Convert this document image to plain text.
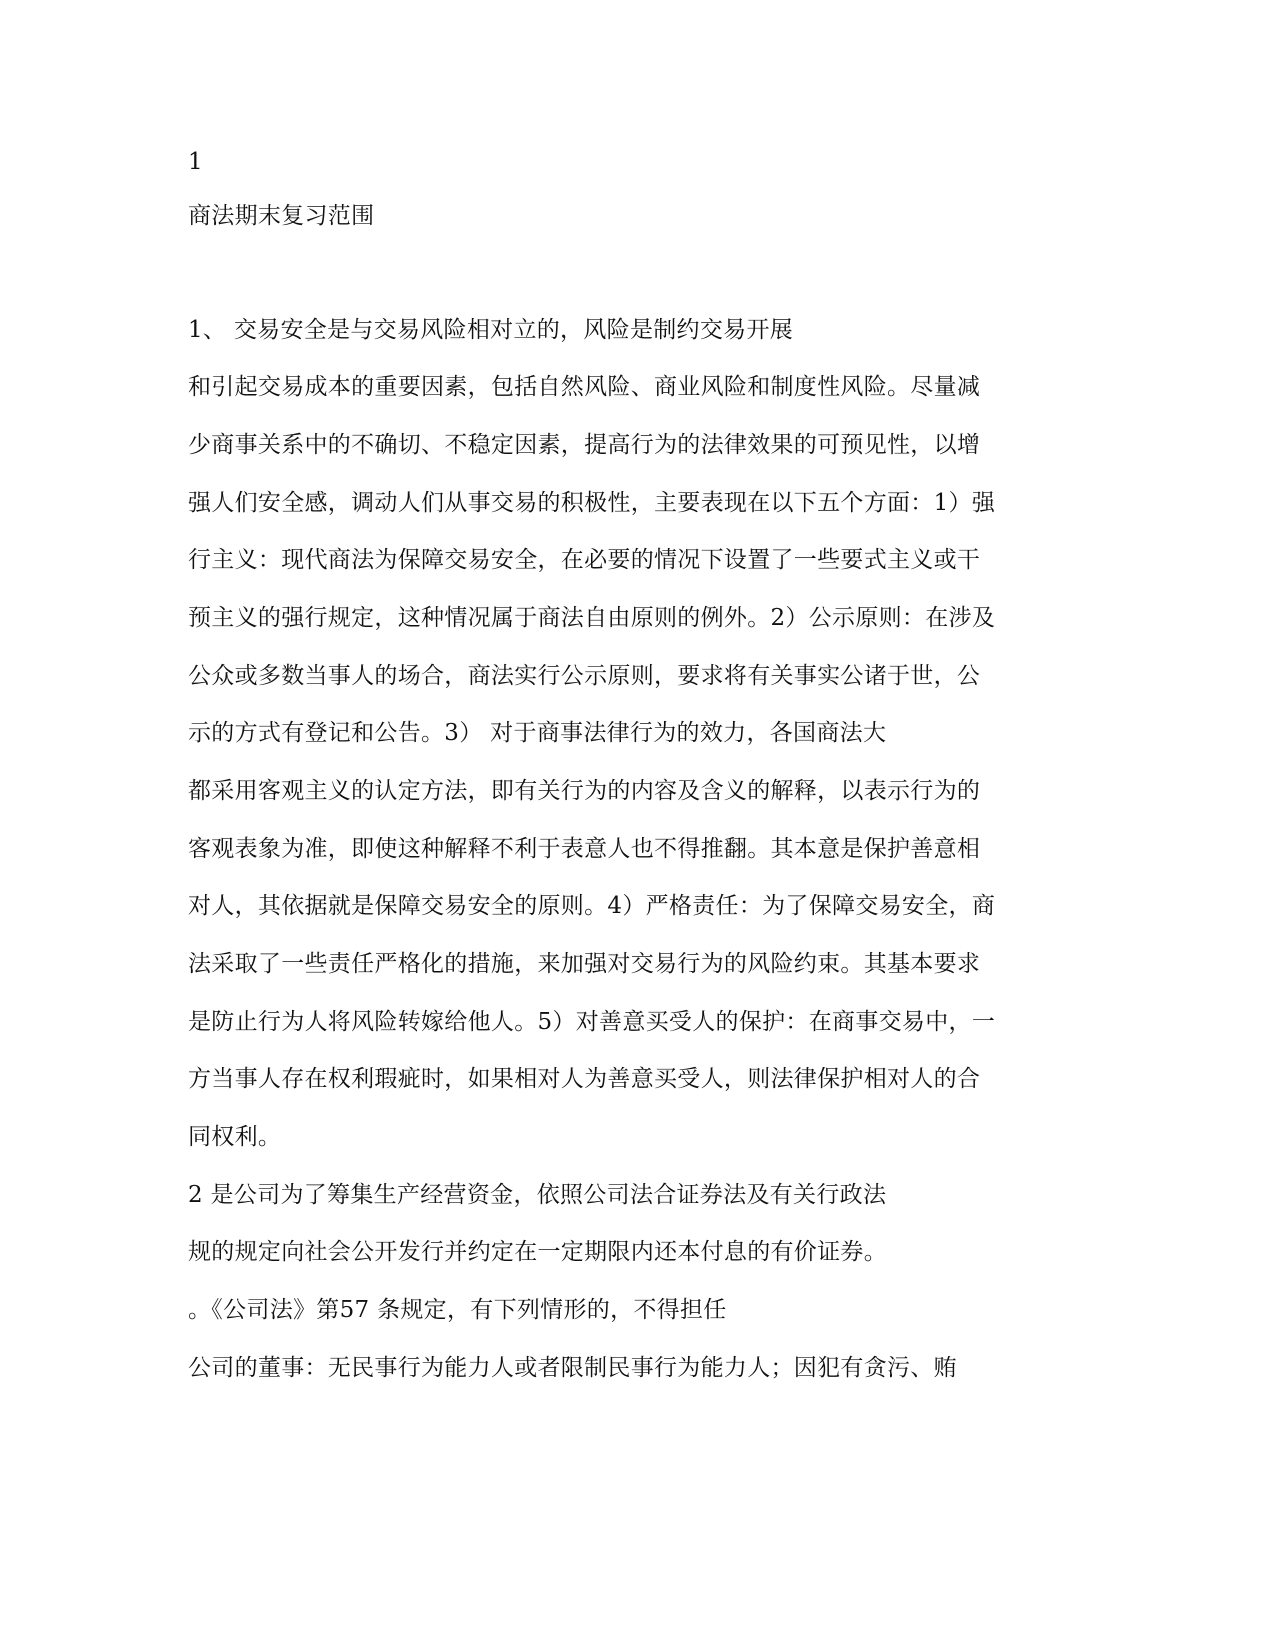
1

商法期末复习范围

1、 交易安全是与交易风险相对立的，风险是制约交易开展

和引起交易成本的重要因素，包括自然风险、商业风险和制度性风险。尽量减

少商事关系中的不确切、不稳定因素，提高行为的法律效果的可预见性，以增

强人们安全感，调动人们从事交易的积极性，主要表现在以下五个方面：1）强

行主义：现代商法为保障交易安全，在必要的情况下设置了一些要式主义或干

预主义的强行规定，这种情况属于商法自由原则的例外。2）公示原则：在涉及

公众或多数当事人的场合，商法实行公示原则，要求将有关事实公诸于世，公

示的方式有登记和公告。3） 对于商事法律行为的效力，各国商法大

都采用客观主义的认定方法，即有关行为的内容及含义的解释，以表示行为的

客观表象为准，即使这种解释不利于表意人也不得推翻。其本意是保护善意相

对人，其依据就是保障交易安全的原则。4）严格责任：为了保障交易安全，商

法采取了一些责任严格化的措施，来加强对交易行为的风险约束。其基本要求

是防止行为人将风险转嫁给他人。5）对善意买受人的保护：在商事交易中，一

方当事人存在权利瑕疵时，如果相对人为善意买受人，则法律保护相对人的合

同权利。

2 是公司为了筹集生产经营资金，依照公司法合证券法及有关行政法

规的规定向社会公开发行并约定在一定期限内还本付息的有价证券。

。《公司法》第57 条规定，有下列情形的，不得担任

公司的董事：无民事行为能力人或者限制民事行为能力人；因犯有贪污、贿
